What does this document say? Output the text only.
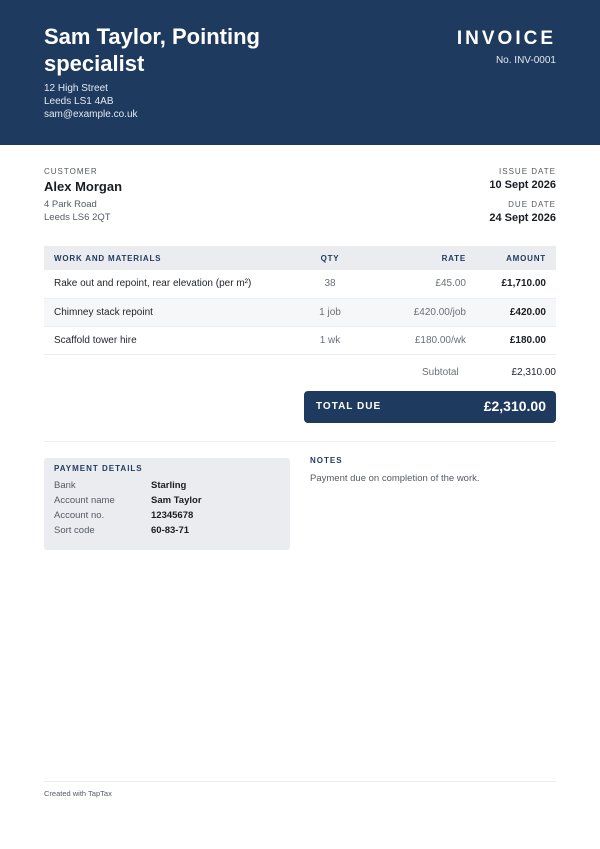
Sam Taylor, Pointing specialist
12 High Street
Leeds LS1 4AB
sam@example.co.uk
INVOICE
No. INV-0001
CUSTOMER
Alex Morgan
4 Park Road
Leeds LS6 2QT
ISSUE DATE
10 Sept 2026
DUE DATE
24 Sept 2026
WORK AND MATERIALS	QTY	RATE	AMOUNT
Rake out and repoint, rear elevation (per m²)	38	£45.00	£1,710.00
Chimney stack repoint	1 job	£420.00/job	£420.00
Scaffold tower hire	1 wk	£180.00/wk	£180.00
Subtotal	£2,310.00
TOTAL DUE	£2,310.00
PAYMENT DETAILS
Bank	Starling
Account name	Sam Taylor
Account no.	12345678
Sort code	60-83-71
NOTES
Payment due on completion of the work.
Created with TapTax
